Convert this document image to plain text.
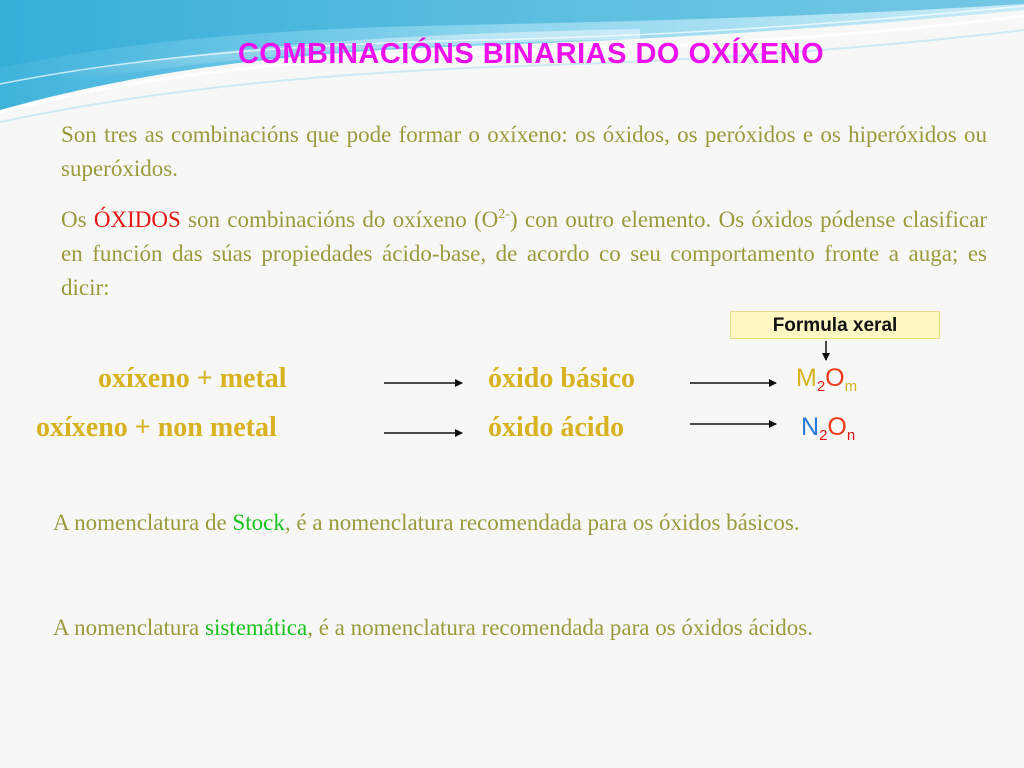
COMBINACIÓNS BINARIAS DO OXÍXENO

Son tres as combinacións que pode formar o oxíxeno: os óxidos, os peróxidos e os hiperóxidos ou superóxidos.

Os ÓXIDOS son combinacións do oxíxeno $(O^{2-})$ con outro elemento. Os óxidos pódense clasificar en función das súas propiedades ácido-base, de acordo co seu comportamento fronte a auga; es dicir:

Formula xeral
oxíxeno + metal	óxido básico
oxíxeno + non metal	óxido ácido
$M_2O_m$
$N_2O_n$

A nomenclatura de Stock, é a nomenclatura recomendada para os óxidos básicos.

A nomenclatura sistemática, é a nomenclatura recomendada para os óxidos ácidos.
